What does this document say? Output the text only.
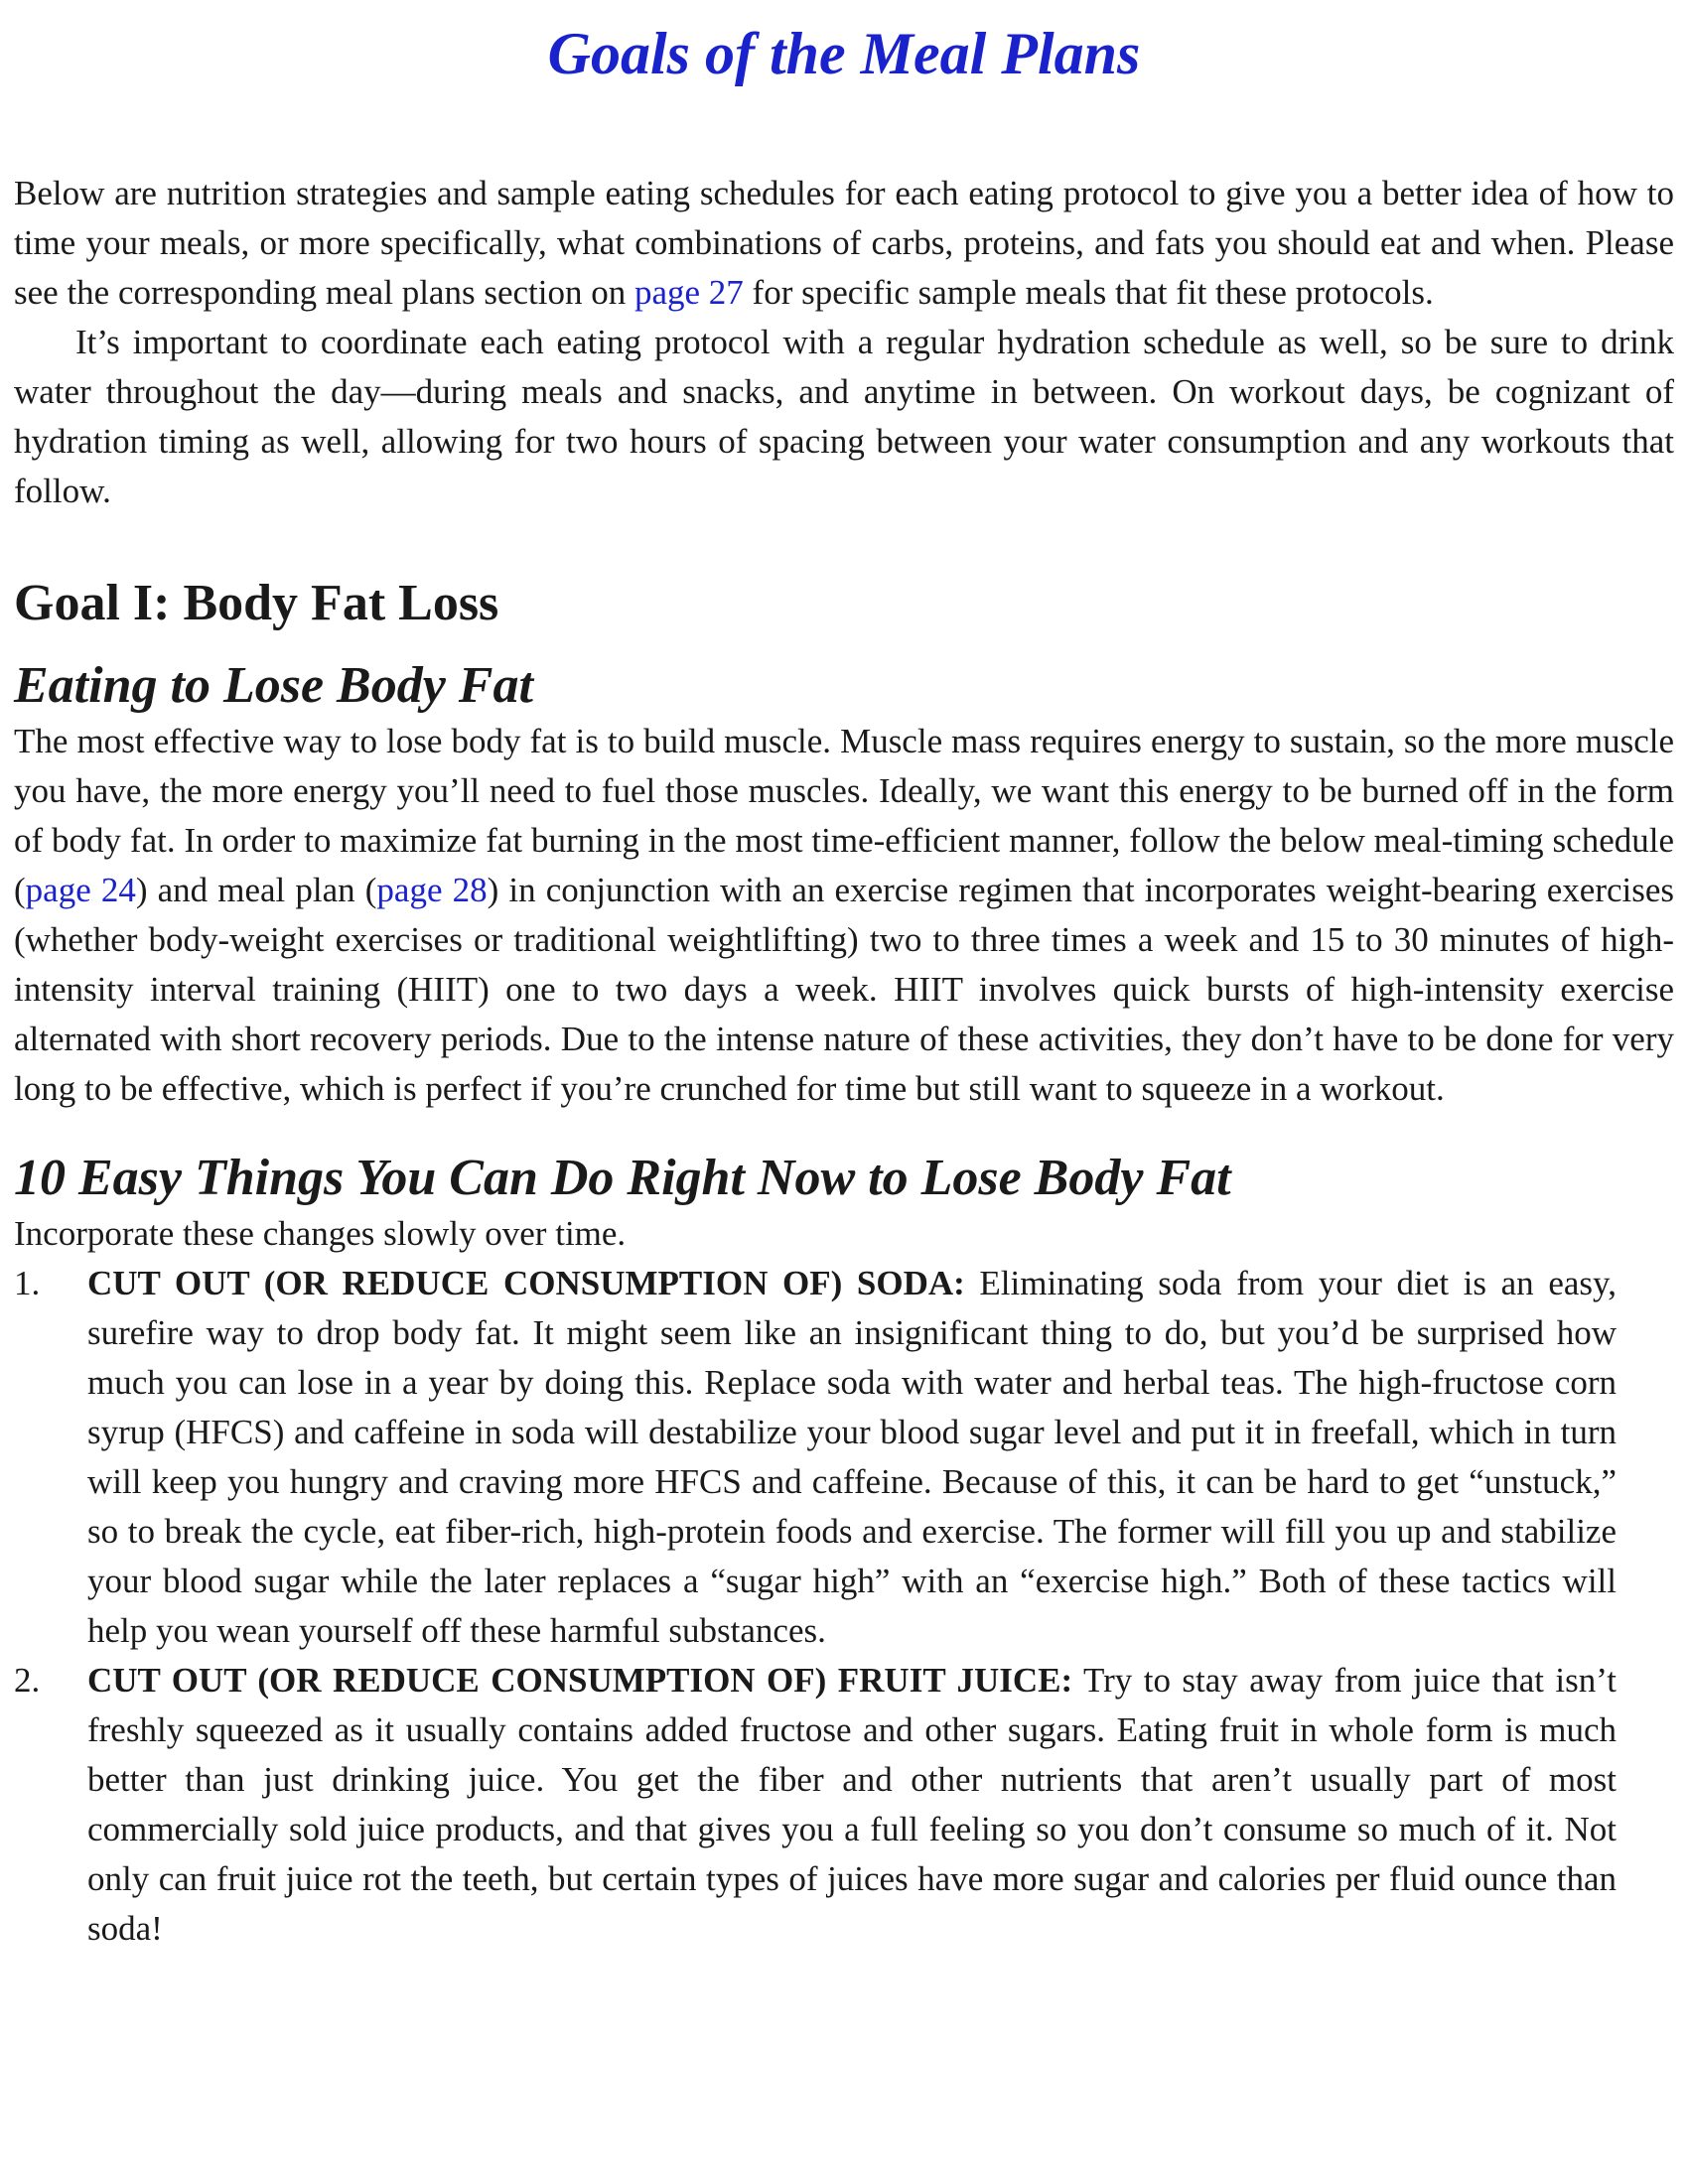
Goals of the Meal Plans

Below are nutrition strategies and sample eating schedules for each eating protocol to give you a better idea of how to time your meals, or more specifically, what combinations of carbs, proteins, and fats you should eat and when. Please see the corresponding meal plans section on page 27 for specific sample meals that fit these protocols.

It’s important to coordinate each eating protocol with a regular hydration schedule as well, so be sure to drink water throughout the day—during meals and snacks, and anytime in between. On workout days, be cognizant of hydration timing as well, allowing for two hours of spacing between your water consumption and any workouts that follow.

Goal I: Body Fat Loss
Eating to Lose Body Fat

The most effective way to lose body fat is to build muscle. Muscle mass requires energy to sustain, so the more muscle you have, the more energy you’ll need to fuel those muscles. Ideally, we want this energy to be burned off in the form of body fat. In order to maximize fat burning in the most time-efficient manner, follow the below meal-timing schedule (page 24) and meal plan (page 28) in conjunction with an exercise regimen that incorporates weight-bearing exercises (whether body-weight exercises or traditional weightlifting) two to three times a week and 15 to 30 minutes of high-intensity interval training (HIIT) one to two days a week. HIIT involves quick bursts of high-intensity exercise alternated with short recovery periods. Due to the intense nature of these activities, they don’t have to be done for very long to be effective, which is perfect if you’re crunched for time but still want to squeeze in a workout.

10 Easy Things You Can Do Right Now to Lose Body Fat

Incorporate these changes slowly over time.

1. CUT OUT (OR REDUCE CONSUMPTION OF) SODA: Eliminating soda from your diet is an easy, surefire way to drop body fat. It might seem like an insignificant thing to do, but you’d be surprised how much you can lose in a year by doing this. Replace soda with water and herbal teas. The high-fructose corn syrup (HFCS) and caffeine in soda will destabilize your blood sugar level and put it in freefall, which in turn will keep you hungry and craving more HFCS and caffeine. Because of this, it can be hard to get “unstuck,” so to break the cycle, eat fiber-rich, high-protein foods and exercise. The former will fill you up and stabilize your blood sugar while the later replaces a “sugar high” with an “exercise high.” Both of these tactics will help you wean yourself off these harmful substances.
2. CUT OUT (OR REDUCE CONSUMPTION OF) FRUIT JUICE: Try to stay away from juice that isn’t freshly squeezed as it usually contains added fructose and other sugars. Eating fruit in whole form is much better than just drinking juice. You get the fiber and other nutrients that aren’t usually part of most commercially sold juice products, and that gives you a full feeling so you don’t consume so much of it. Not only can fruit juice rot the teeth, but certain types of juices have more sugar and calories per fluid ounce than soda!
